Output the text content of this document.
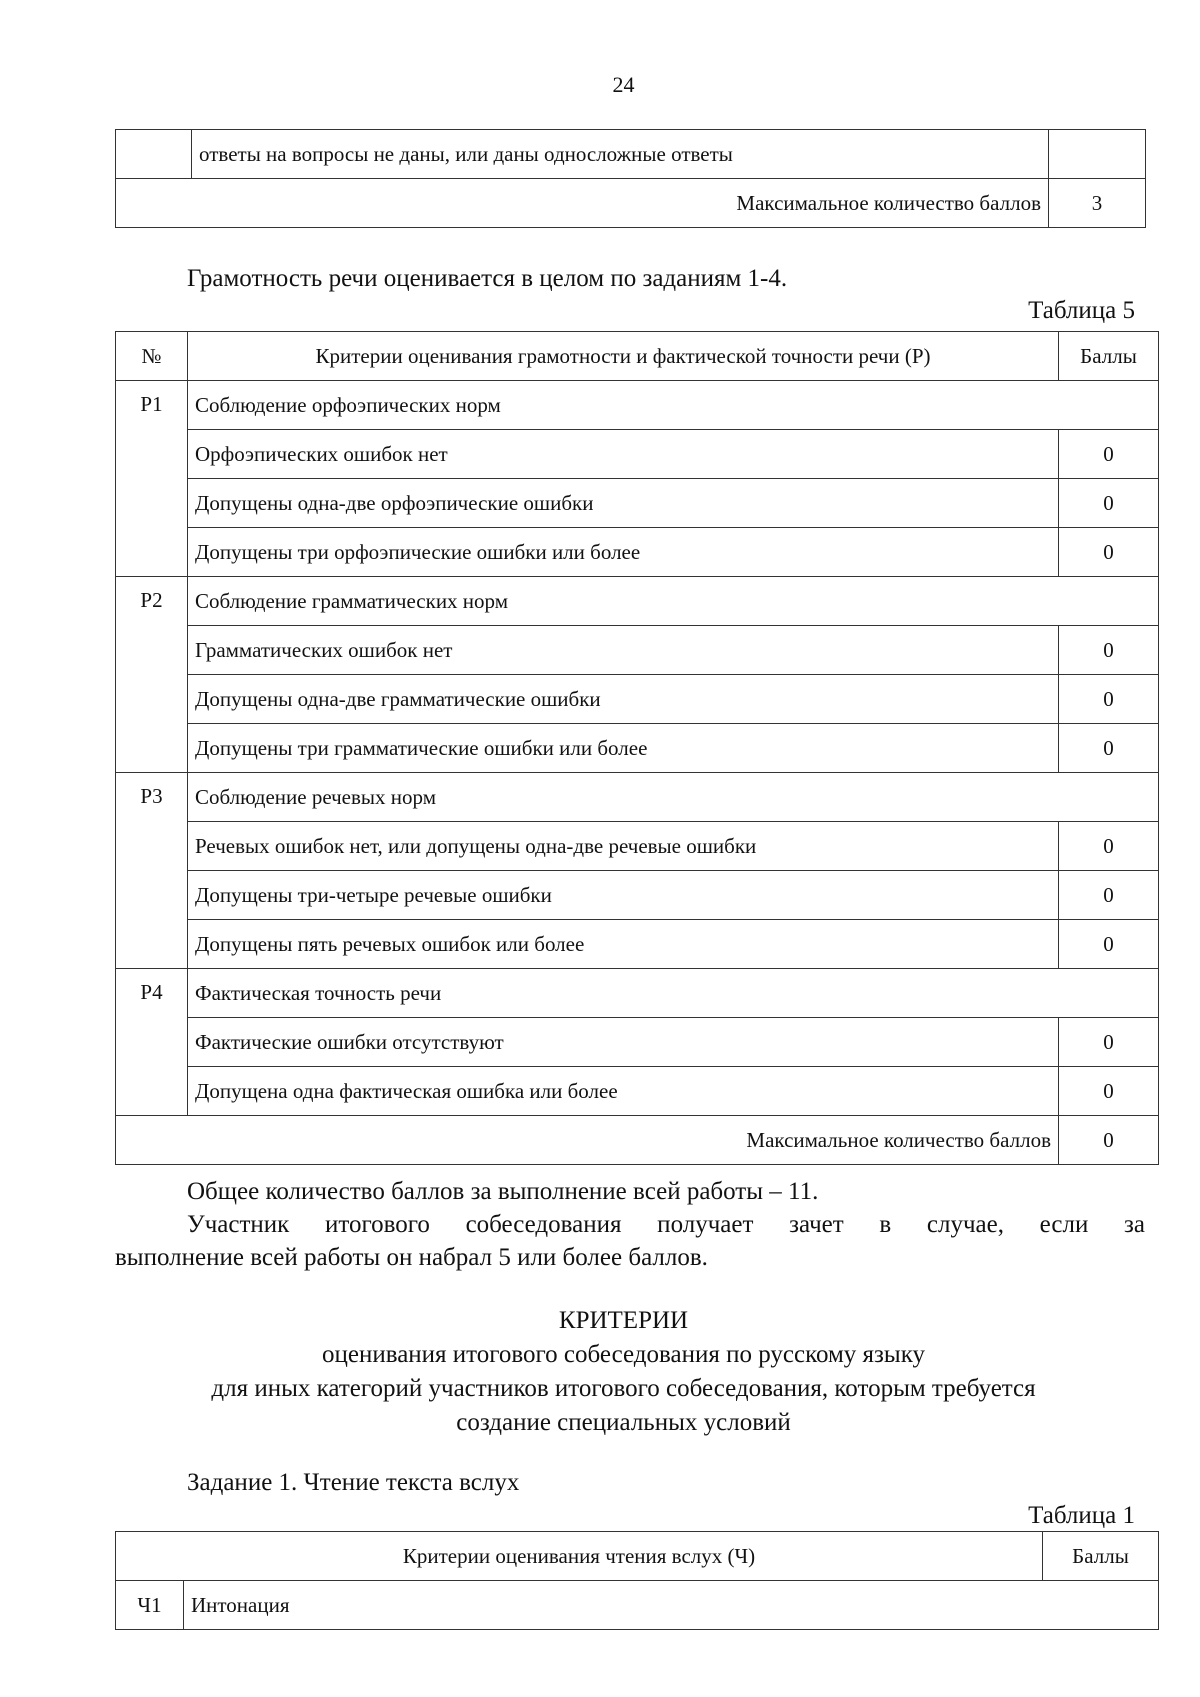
24
	ответы на вопросы не даны, или даны односложные ответы	
Максимальное количество баллов		3
Грамотность речи оценивается в целом по заданиям 1-4.
Таблица 5
№	Критерии оценивания грамотности и фактической точности речи (Р)	Баллы
Р1	Соблюдение орфоэпических норм	
	Орфоэпических ошибок нет	0
	Допущены одна-две орфоэпические ошибки	0
	Допущены три орфоэпические ошибки или более	0
Р2	Соблюдение грамматических норм	
	Грамматических ошибок нет	0
	Допущены одна-две грамматические ошибки	0
	Допущены три грамматические ошибки или более	0
Р3	Соблюдение речевых норм	
	Речевых ошибок нет, или допущены одна-две речевые ошибки	0
	Допущены три-четыре речевые ошибки	0
	Допущены пять речевых ошибок или более	0
Р4	Фактическая точность речи	
	Фактические ошибки отсутствуют	0
	Допущена одна фактическая ошибка или более	0
Максимальное количество баллов		0
Общее количество баллов за выполнение всей работы – 11.
Участник итогового собеседования получает зачет в случае, если за
выполнение всей работы он набрал 5 или более баллов.
КРИТЕРИИ
оценивания итогового собеседования по русскому языку
для иных категорий участников итогового собеседования, которым требуется
создание специальных условий
Задание 1. Чтение текста вслух
Таблица 1
Критерии оценивания чтения вслух (Ч)		Баллы
Ч1	Интонация	
